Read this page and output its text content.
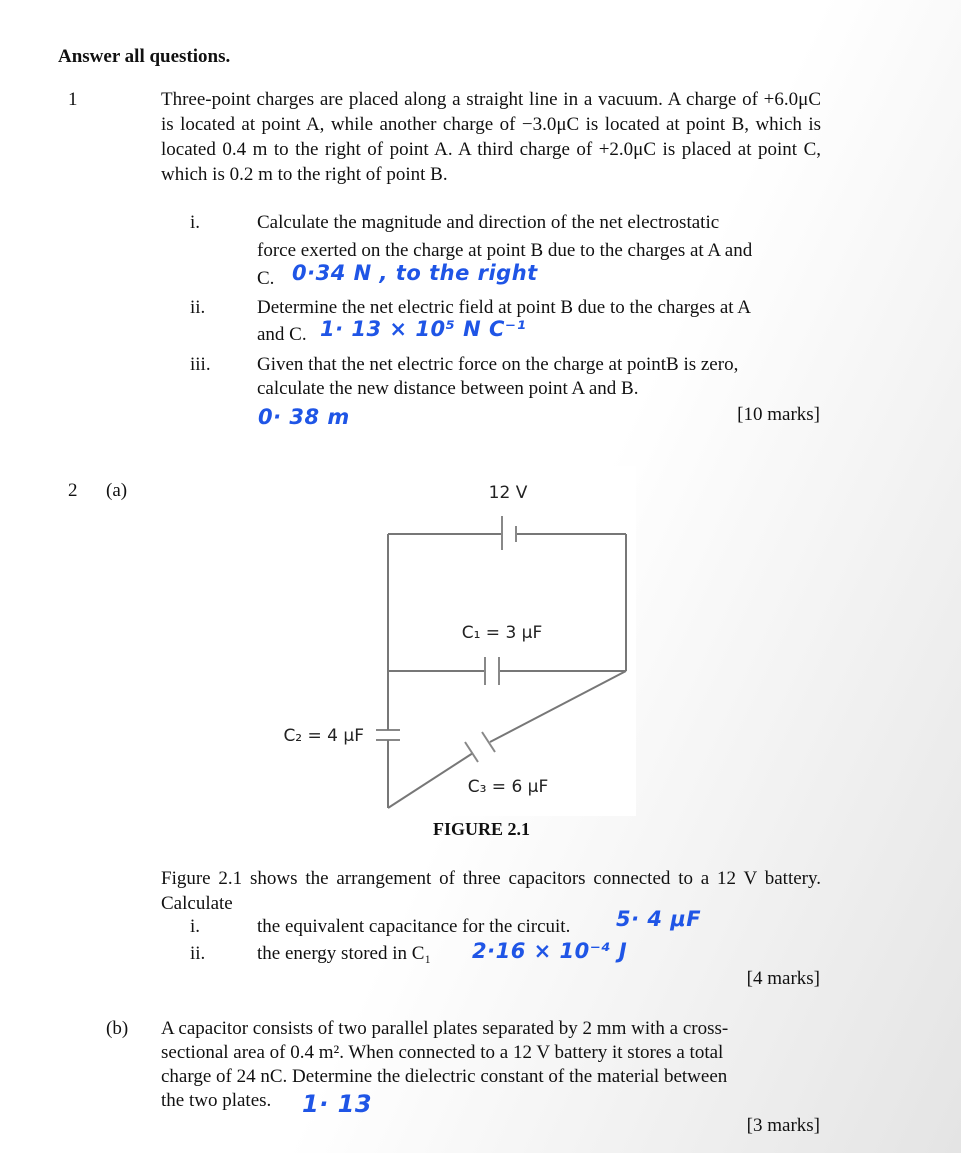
Answer all questions.
1	Three-point charges are placed along a straight line in a vacuum. A charge of +6.0μC is located at point A, while another charge of −3.0μC is located at point B, which is located 0.4 m to the right of point A. A third charge of +2.0μC is placed at point C, which is 0.2 m to the right of point B.
i.	Calculate the magnitude and direction of the net electrostatic
force exerted on the charge at point B due to the charges at A and
C. 0·34 N , to the right
ii.	Determine the net electric field at point B due to the charges at A
and C. 1· 13 × 10⁵ N C⁻¹
iii. Given that the net electric force on the charge at pointB is zero,
calculate the new distance between point A and B.
0· 38 m	[10 marks]
2 (a)	12 V
C₁ = 3 μF
C₂ = 4 μF
C₃ = 6 μF
FIGURE 2.1
Figure 2.1 shows the arrangement of three capacitors connected to a 12 V battery. Calculate
i.	the equivalent capacitance for the circuit. 5· 4 μF
ii.	the energy stored in C₁ 2·16 × 10⁻⁴ J
[4 marks]
(b) A capacitor consists of two parallel plates separated by 2 mm with a cross-
sectional area of 0.4 m². When connected to a 12 V battery it stores a total
charge of 24 nC. Determine the dielectric constant of the material between
the two plates. 1· 13
[3 marks]
